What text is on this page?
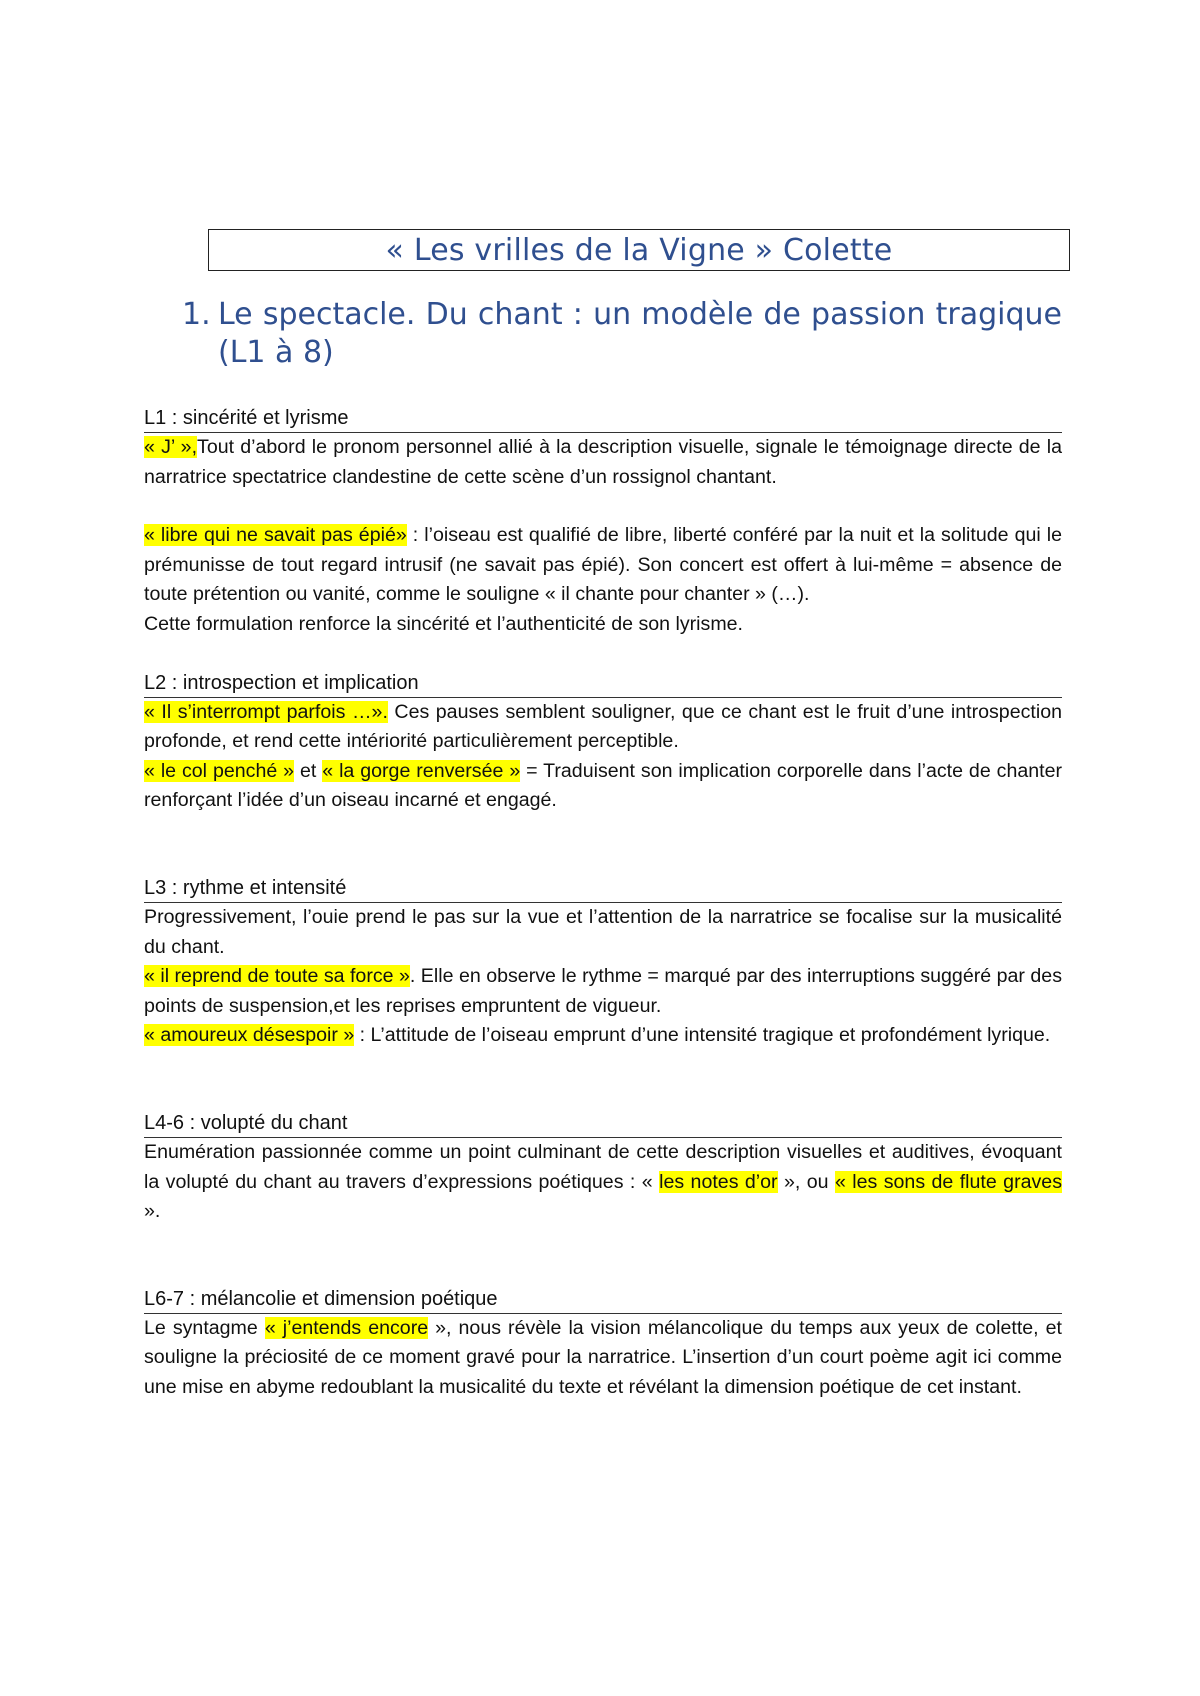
« Les vrilles de la Vigne » Colette
1. Le spectacle. Du chant : un modèle de passion tragique (L1 à 8)
L1 : sincérité et lyrisme

« J’ »,Tout d’abord le pronom personnel allié à la description visuelle, signale le témoignage directe de la narratrice spectatrice clandestine de cette scène d’un rossignol chantant.

« libre qui ne savait pas épié» : l’oiseau est qualifié de libre, liberté conféré par la nuit et la solitude qui le prémunisse de tout regard intrusif (ne savait pas épié). Son concert est offert à lui-même = absence de toute prétention ou vanité, comme le souligne « il chante pour chanter » (…).

Cette formulation renforce la sincérité et l’authenticité de son lyrisme.

L2 : introspection et implication

« Il s’interrompt parfois …». Ces pauses semblent souligner, que ce chant est le fruit d’une introspection profonde, et rend cette intériorité particulièrement perceptible.

« le col penché » et « la gorge renversée » = Traduisent son implication corporelle dans l’acte de chanter renforçant l’idée d’un oiseau incarné et engagé.

L3 : rythme et intensité

Progressivement, l’ouie prend le pas sur la vue et l’attention de la narratrice se focalise sur la musicalité du chant.

« il reprend de toute sa force ». Elle en observe le rythme = marqué par des interruptions suggéré par des points de suspension,et les reprises empruntent de vigueur.

« amoureux désespoir » : L’attitude de l’oiseau emprunt d’une intensité tragique et profondément lyrique.

L4-6 : volupté du chant

Enumération passionnée comme un point culminant de cette description visuelles et auditives, évoquant la volupté du chant au travers d’expressions poétiques : « les notes d’or », ou « les sons de flute graves ».

L6-7 : mélancolie et dimension poétique

Le syntagme « j’entends encore », nous révèle la vision mélancolique du temps aux yeux de colette, et souligne la préciosité de ce moment gravé pour la narratrice. L’insertion d’un court poème agit ici comme une mise en abyme redoublant la musicalité du texte et révélant la dimension poétique de cet instant.
